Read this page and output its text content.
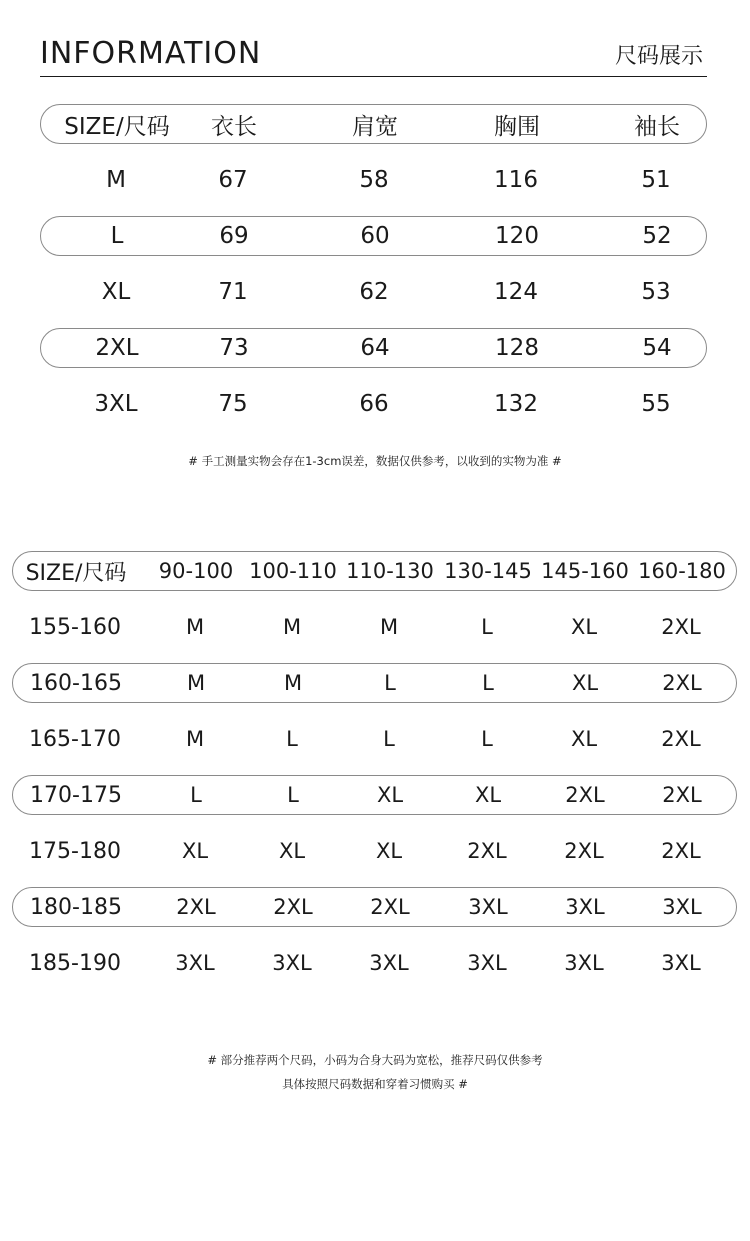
INFORMATION	尺码展示
SIZE/尺码 衣长	肩宽	胸围	袖长
M	67	58	116	51
L	69	60	120	52
XL	71	62	124	53
2XL	73	64	128	54
3XL	75	66	132	55
# 手工测量实物会存在1-3cm误差，数据仅供参考，以收到的实物为准 #
SIZE/尺码 90-100 100-110 110-130 130-145 145-160 160-180
155-160	M	M	M	L	XL	2XL
160-165	M	M	L	L	XL	2XL
165-170	M	L	L	L	XL	2XL
170-175	L	L	XL	XL	2XL	2XL
175-180	XL	XL	XL	2XL	2XL	2XL
180-185	2XL	2XL	2XL	3XL	3XL	3XL
185-190	3XL	3XL	3XL	3XL	3XL	3XL
# 部分推荐两个尺码，小码为合身大码为宽松，推荐尺码仅供参考
具体按照尺码数据和穿着习惯购买 #
